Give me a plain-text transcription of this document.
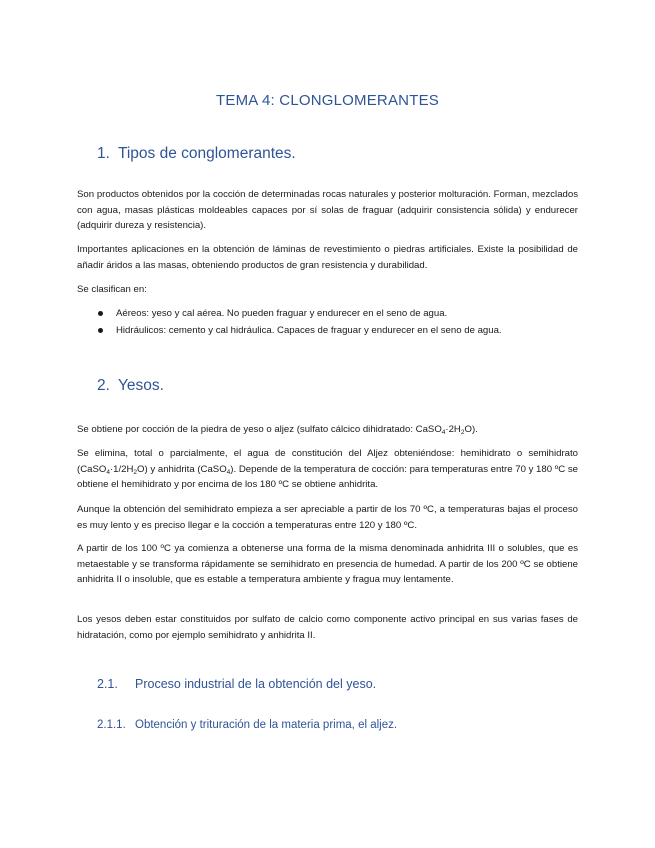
TEMA 4: CLONGLOMERANTES
1. Tipos de conglomerantes.

Son productos obtenidos por la cocción de determinadas rocas naturales y posterior molturación. Forman, mezclados con agua, masas plásticas moldeables capaces por sí solas de fraguar (adquirir consistencia sólida) y endurecer (adquirir dureza y resistencia).

Importantes aplicaciones en la obtención de láminas de revestimiento o piedras artificiales. Existe la posibilidad de añadir áridos a las masas, obteniendo productos de gran resistencia y durabilidad.

Se clasifican en:

Aéreos: yeso y cal aérea. No pueden fraguar y endurecer en el seno de agua.
Hidráulicos: cemento y cal hidráulica. Capaces de fraguar y endurecer en el seno de agua.
2. Yesos.

Se obtiene por cocción de la piedra de yeso o aljez (sulfato cálcico dihidratado: $CaSO_4\cdot 2H_2O$).

Se elimina, total o parcialmente, el agua de constitución del Aljez obteniéndose: hemihidrato o semihidrato $(CaSO_4\cdot 1/2H_2O)$ y anhidrita (CaSO$_4$). Depende de la temperatura de cocción: para temperaturas entre 70 y 180 ºC se obtiene el hemihidrato y por encima de los 180 ºC se obtiene anhidrita.

Aunque la obtención del semihidrato empieza a ser apreciable a partir de los 70 ºC, a temperaturas bajas el proceso es muy lento y es preciso llegar e la cocción a temperaturas entre 120 y 180 ºC.

A partir de los 100 ºC ya comienza a obtenerse una forma de la misma denominada anhidrita III o solubles, que es metaestable y se transforma rápidamente se semihidrato en presencia de humedad. A partir de los 200 ºC se obtiene anhidrita II o insoluble, que es estable a temperatura ambiente y fragua muy lentamente.

Los yesos deben estar constituidos por sulfato de calcio como componente activo principal en sus varias fases de hidratación, como por ejemplo semihidrato y anhidrita II.

2.1. Proceso industrial de la obtención del yeso.
2.1.1. Obtención y trituración de la materia prima, el aljez.
